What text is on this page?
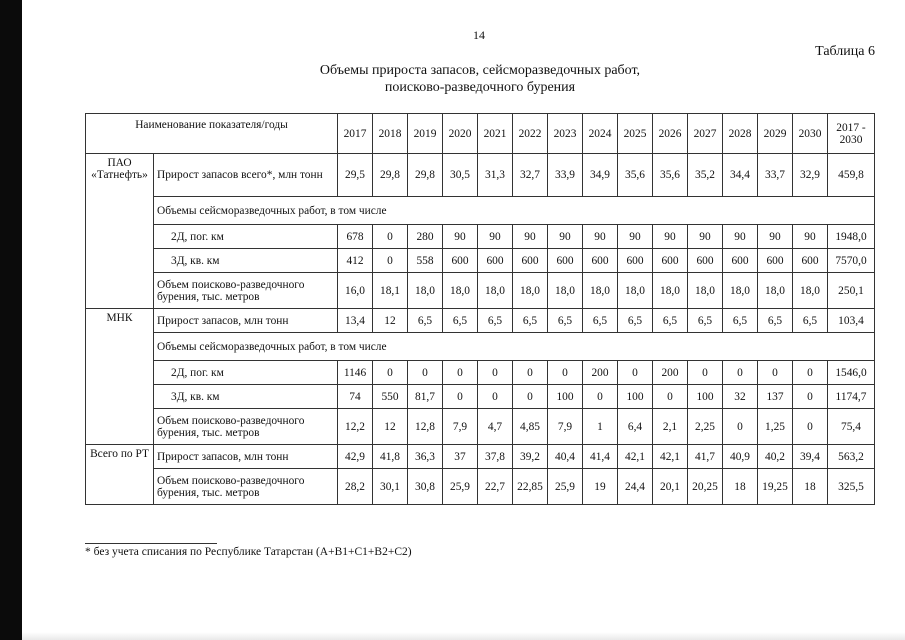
14
Таблица 6
Объемы прироста запасов, сейсморазведочных работ,
поисково-разведочного бурения
Наименование показателя/годы		2017	2018	2019	2020	2021	2022	2023	2024	2025	2026	2027	2028	2029	2030	2017 - 2030
ПАО «Татнефть»	Прирост запасов всего*, млн тонн	29,5	29,8	29,8	30,5	31,3	32,7	33,9	34,9	35,6	35,6	35,2	34,4	33,7	32,9	459,8
	Объемы сейсморазведочных работ, в том числе															
	2Д, пог. км	678	0	280	90	90	90	90	90	90	90	90	90	90	90	1948,0
	3Д, кв. км	412	0	558	600	600	600	600	600	600	600	600	600	600	600	7570,0
	Объем поисково-разведочного бурения, тыс. метров	16,0	18,1	18,0	18,0	18,0	18,0	18,0	18,0	18,0	18,0	18,0	18,0	18,0	18,0	250,1
МНК	Прирост запасов, млн тонн	13,4	12	6,5	6,5	6,5	6,5	6,5	6,5	6,5	6,5	6,5	6,5	6,5	6,5	103,4
	Объемы сейсморазведочных работ, в том числе															
	2Д, пог. км	1146	0	0	0	0	0	0	200	0	200	0	0	0	0	1546,0
	3Д, кв. км	74	550	81,7	0	0	0	100	0	100	0	100	32	137	0	1174,7
	Объем поисково-разведочного бурения, тыс. метров	12,2	12	12,8	7,9	4,7	4,85	7,9	1	6,4	2,1	2,25	0	1,25	0	75,4
Всего по РТ	Прирост запасов, млн тонн	42,9	41,8	36,3	37	37,8	39,2	40,4	41,4	42,1	42,1	41,7	40,9	40,2	39,4	563,2
	Объем поисково-разведочного бурения, тыс. метров	28,2	30,1	30,8	25,9	22,7	22,85	25,9	19	24,4	20,1	20,25	18	19,25	18	325,5
* без учета списания по Республике Татарстан (А+В1+С1+В2+С2)
